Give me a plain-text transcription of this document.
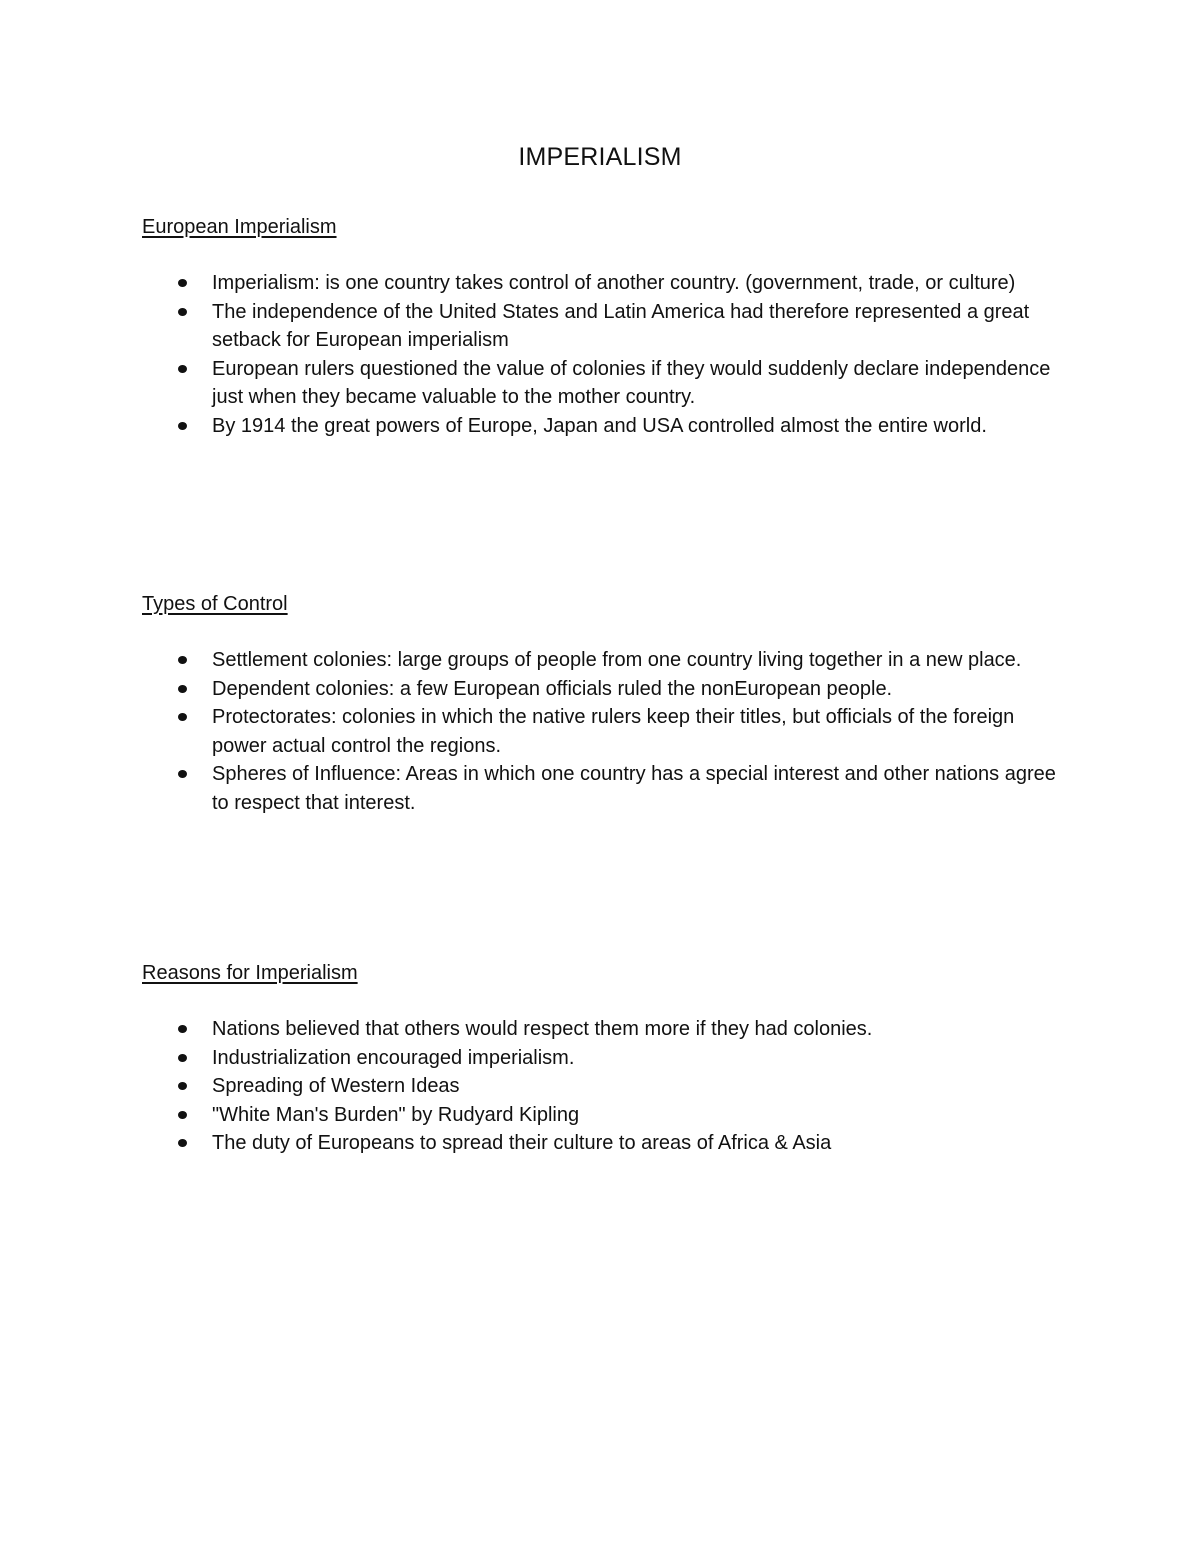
IMPERIALISM

European Imperialism

Imperialism: is one country takes control of another country. (government, trade, or culture)
The independence of the United States and Latin America had therefore represented a great setback for European imperialism
European rulers questioned the value of colonies if they would suddenly declare independence just when they became valuable to the mother country.
By 1914 the great powers of Europe, Japan and USA controlled almost the entire world.

Types of Control

Settlement colonies: large groups of people from one country living together in a new place.
Dependent colonies: a few European officials ruled the nonEuropean people.
Protectorates: colonies in which the native rulers keep their titles, but officials of the foreign power actual control the regions.
Spheres of Influence: Areas in which one country has a special interest and other nations agree to respect that interest.

Reasons for Imperialism

Nations believed that others would respect them more if they had colonies.
Industrialization encouraged imperialism.
Spreading of Western Ideas
"White Man's Burden" by Rudyard Kipling
The duty of Europeans to spread their culture to areas of Africa & Asia
